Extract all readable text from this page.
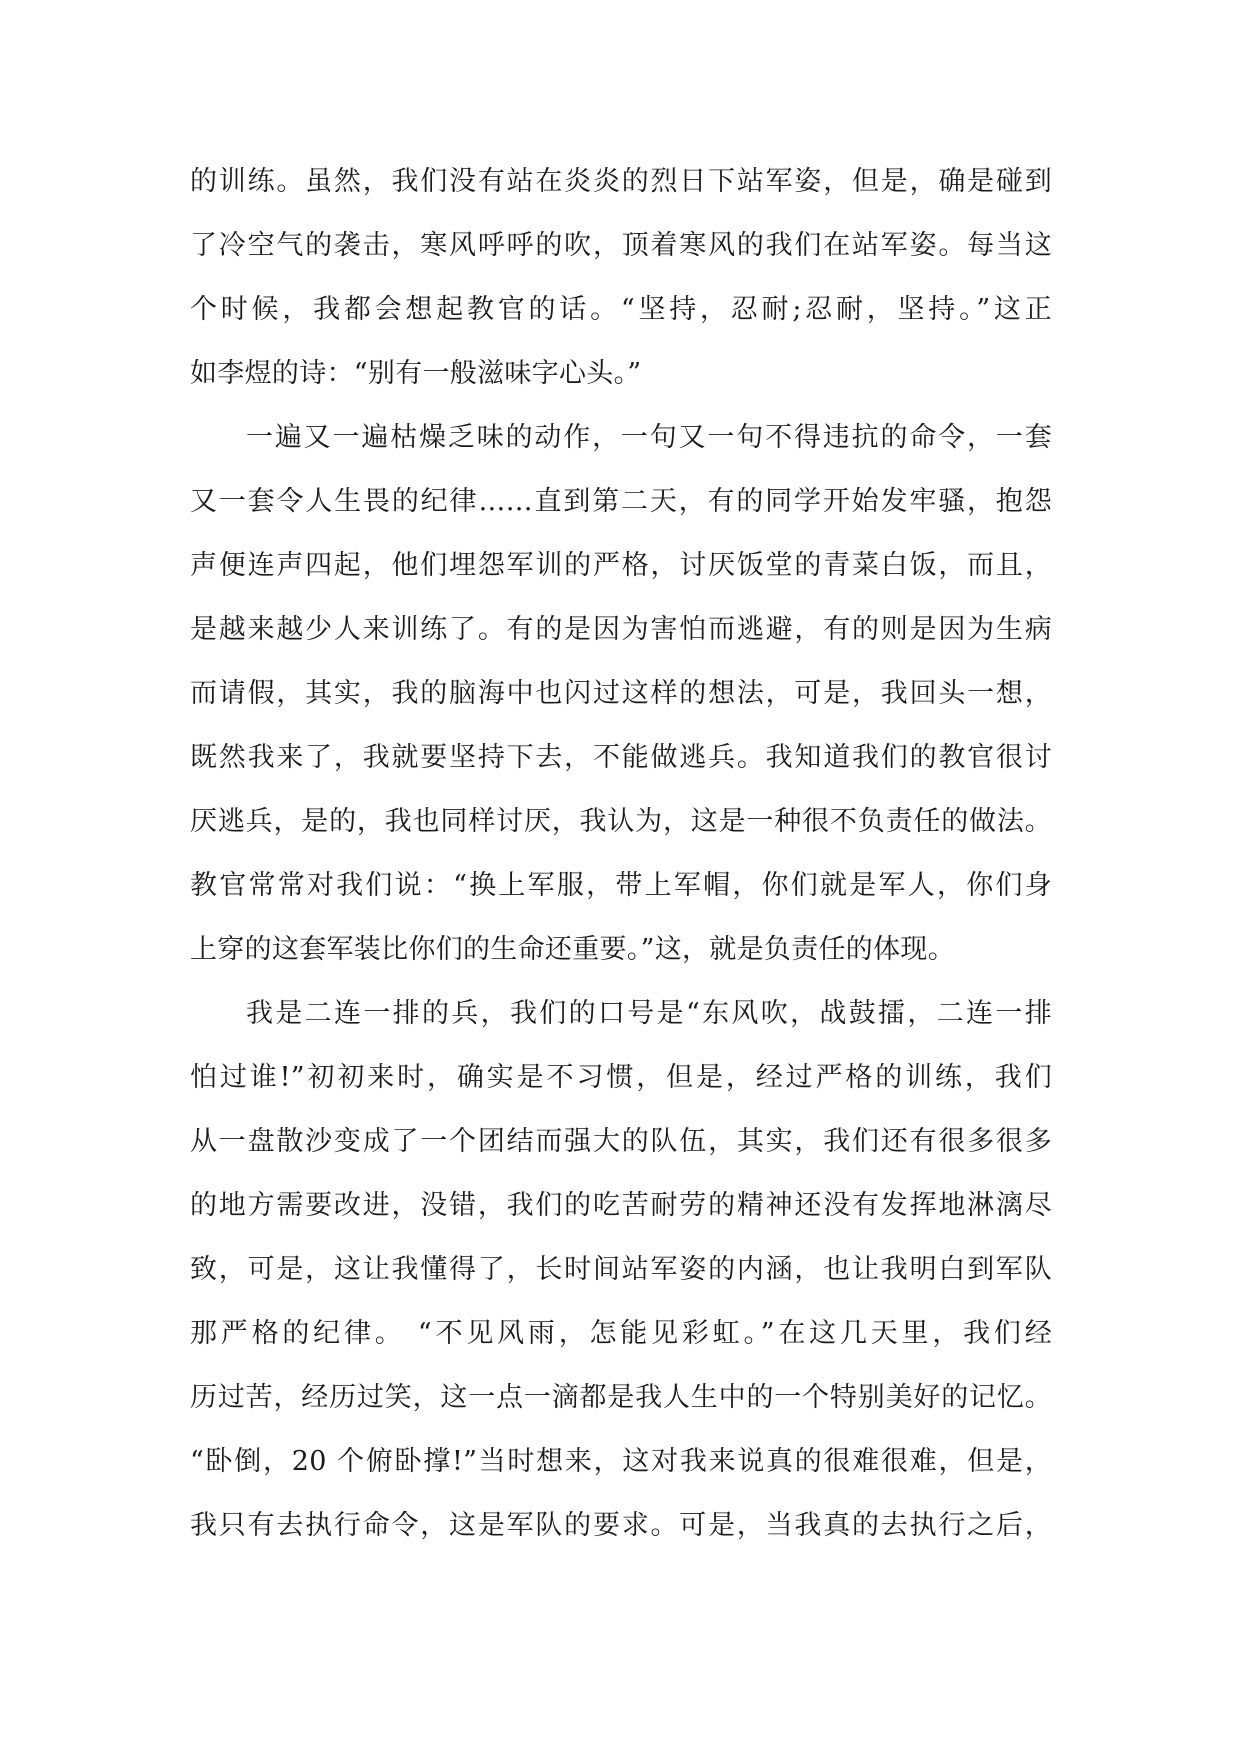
的训练。虽然，我们没有站在炎炎的烈日下站军姿，但是，确是碰到
了冷空气的袭击，寒风呼呼的吹，顶着寒风的我们在站军姿。每当这
个时候，我都会想起教官的话。“坚持，忍耐;忍耐，坚持。”这正
如李煜的诗：“别有一般滋味字心头。”
一遍又一遍枯燥乏味的动作，一句又一句不得违抗的命令，一套
又一套令人生畏的纪律……直到第二天，有的同学开始发牢骚，抱怨
声便连声四起，他们埋怨军训的严格，讨厌饭堂的青菜白饭，而且，
是越来越少人来训练了。有的是因为害怕而逃避，有的则是因为生病
而请假，其实，我的脑海中也闪过这样的想法，可是，我回头一想，
既然我来了，我就要坚持下去，不能做逃兵。我知道我们的教官很讨
厌逃兵，是的，我也同样讨厌，我认为，这是一种很不负责任的做法。
教官常常对我们说：“换上军服，带上军帽，你们就是军人，你们身
上穿的这套军装比你们的生命还重要。”这，就是负责任的体现。
我是二连一排的兵，我们的口号是“东风吹，战鼓擂，二连一排
怕过谁!”初初来时，确实是不习惯，但是，经过严格的训练，我们
从一盘散沙变成了一个团结而强大的队伍，其实，我们还有很多很多
的地方需要改进，没错，我们的吃苦耐劳的精神还没有发挥地淋漓尽
致，可是，这让我懂得了，长时间站军姿的内涵，也让我明白到军队
那严格的纪律。 “不见风雨，怎能见彩虹。”在这几天里，我们经
历过苦，经历过笑，这一点一滴都是我人生中的一个特别美好的记忆。
“卧倒，20 个俯卧撑!”当时想来，这对我来说真的很难很难，但是，
我只有去执行命令，这是军队的要求。可是，当我真的去执行之后，
